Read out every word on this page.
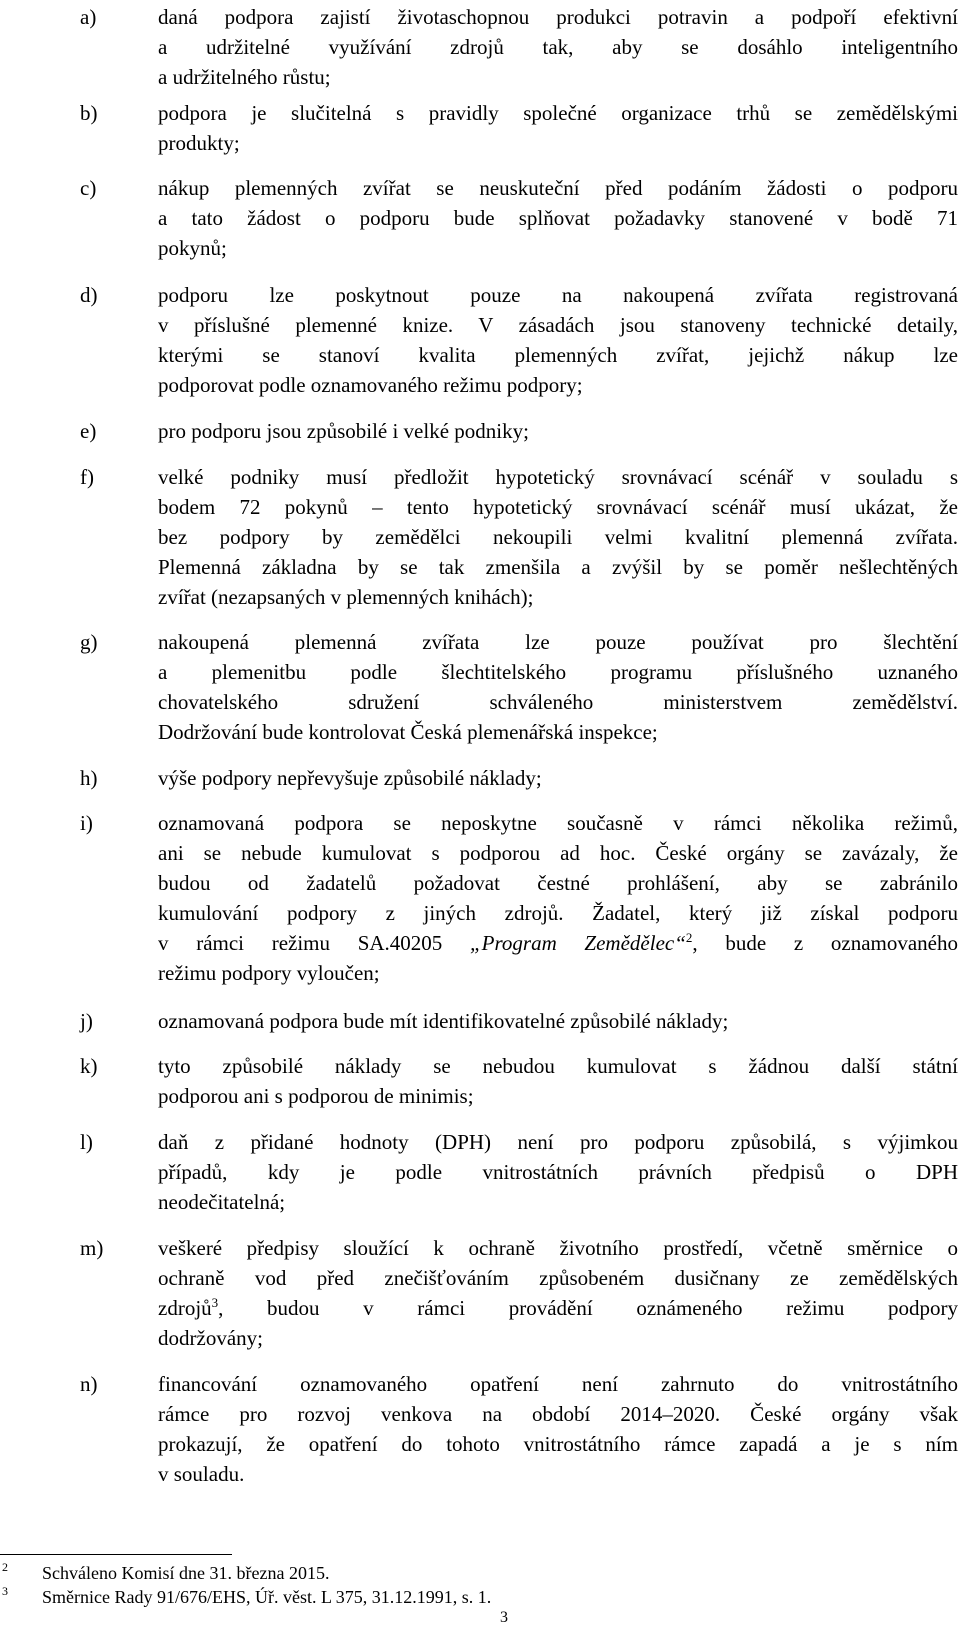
a)	daná podpora zajistí životaschopnou produkci potravin a podpoří efektivní
a udržitelné využívání zdrojů tak, aby se dosáhlo inteligentního
a udržitelného růstu;
b)	podpora je slučitelná s pravidly společné organizace trhů se zemědělskými
produkty;
c)	nákup plemenných zvířat se neuskuteční před podáním žádosti o podporu
a tato žádost o podporu bude splňovat požadavky stanovené v bodě 71
pokynů;
d)	podporu lze poskytnout pouze na nakoupená zvířata registrovaná
v příslušné plemenné knize. V zásadách jsou stanoveny technické detaily,
kterými se stanoví kvalita plemenných zvířat, jejichž nákup lze
podporovat podle oznamovaného režimu podpory;
e)	pro podporu jsou způsobilé i velké podniky;
f)	velké podniky musí předložit hypotetický srovnávací scénář v souladu s
bodem 72 pokynů – tento hypotetický srovnávací scénář musí ukázat, že
bez podpory by zemědělci nekoupili velmi kvalitní plemenná zvířata.
Plemenná základna by se tak zmenšila a zvýšil by se poměr nešlechtěných
zvířat (nezapsaných v plemenných knihách);
g)	nakoupená plemenná zvířata lze pouze používat pro šlechtění
a plemenitbu podle šlechtitelského programu příslušného uznaného
chovatelského sdružení schváleného ministerstvem zemědělství.
Dodržování bude kontrolovat Česká plemenářská inspekce;
h)	výše podpory nepřevyšuje způsobilé náklady;
i)	oznamovaná podpora se neposkytne současně v rámci několika režimů,
ani se nebude kumulovat s podporou ad hoc. České orgány se zavázaly, že
budou od žadatelů požadovat čestné prohlášení, aby se zabránilo
kumulování podpory z jiných zdrojů. Žadatel, který již získal podporu
v rámci režimu SA.40205 „Program Zemědělec“$^2$, bude z oznamovaného
režimu podpory vyloučen;
j)	oznamovaná podpora bude mít identifikovatelné způsobilé náklady;
k)	tyto způsobilé náklady se nebudou kumulovat s žádnou další státní
podporou ani s podporou de minimis;
l)	daň z přidané hodnoty (DPH) není pro podporu způsobilá, s výjimkou
případů, kdy je podle vnitrostátních právních předpisů o DPH
neodečitatelná;
m)	veškeré předpisy sloužící k ochraně životního prostředí, včetně směrnice o
ochraně vod před znečišťováním způsobeném dusičnany ze zemědělských
zdrojů$^3$, budou v rámci provádění oznámeného režimu podpory
dodržovány;
n)	financování oznamovaného opatření není zahrnuto do vnitrostátního
rámce pro rozvoj venkova na období 2014–2020. České orgány však
prokazují, že opatření do tohoto vnitrostátního rámce zapadá a je s ním
v souladu.
2 Schváleno Komisí dne 31. března 2015.
3 Směrnice Rady 91/676/EHS, Úř. věst. L 375, 31.12.1991, s. 1.
3
